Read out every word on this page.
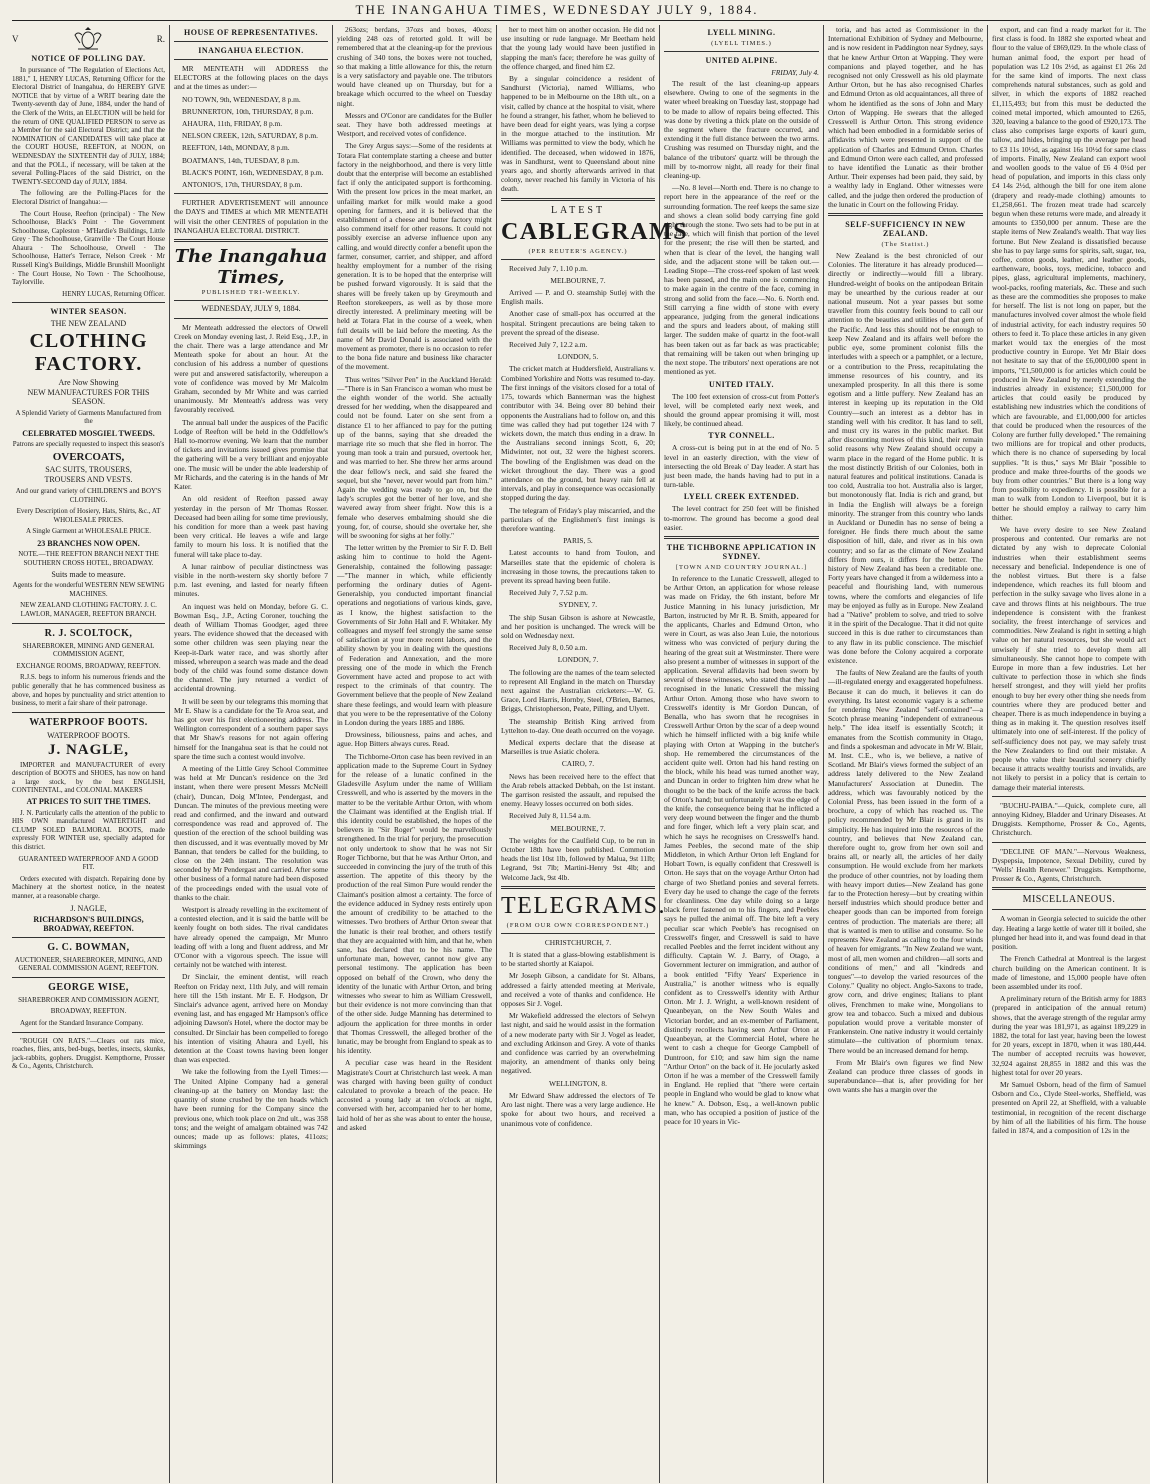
THE INANGAHUA TIMES, WEDNESDAY JULY 9, 1884.
V	R.
NOTICE OF POLLING DAY.

In pursuance of "The Regulation of Elections Act, 1881," I, HENRY LUCAS, Returning Officer for the Electoral District of Inangahua, do HEREBY GIVE NOTICE that by virtue of a WRIT bearing date the Twenty-seventh day of June, 1884, under the hand of the Clerk of the Writs, an ELECTION will be held for the return of ONE QUALIFIED PERSON to serve as a Member for the said Electoral District; and that the NOMINATION of CANDIDATES will take place at the COURT HOUSE, REEFTON, at NOON, on WEDNESDAY the SIXTEENTH day of JULY, 1884; and that the POLL, if necessary, will be taken at the several Polling-Places of the said District, on the TWENTY-SECOND day of JULY, 1884.

The following are the Polling-Places for the Electoral District of Inangahua:—

The Court House, Reefton (principal) · The New Schoolhouse, Black's Point · The Government Schoolhouse, Capleston · M'Hardie's Buildings, Little Grey · The Schoolhouse, Granville · The Court House Ahaura · The Schoolhouse, Orwell · The Schoolhouse, Hatter's Terrace, Nelson Creek · Mr Russell King's Buildings, Middle Brunshill Moonlight · The Court House, No Town · The Schoolhouse, Taylorville.

HENRY LUCAS, Returning Officer.

WINTER SEASON.
THE NEW ZEALAND
CLOTHING FACTORY.
Are Now Showing
NEW MANUFACTURES FOR THIS SEASON.

A Splendid Variety of Garments Manufactured from the

CELEBRATED MOSGIEL TWEEDS.

Patrons are specially requested to inspect this season's

OVERCOATS,
SAC SUITS, TROUSERS,
TROUSERS AND VESTS.

And our grand variety of CHILDREN'S and BOY'S CLOTHING.

Every Description of Hosiery, Hats, Shirts, &c., AT WHOLESALE PRICES.

A Single Garment at WHOLESALE PRICE.

23 BRANCHES NOW OPEN.

NOTE.—THE REEFTON BRANCH NEXT THE SOUTHERN CROSS HOTEL, BROADWAY.

Suits made to measure.

Agents for the wonderful WESTERN NEW SEWING MACHINES.

NEW ZEALAND CLOTHING FACTORY. J. C. LAWLOR, MANAGER, REEFTON BRANCH.

R. J. SCOLTOCK,

SHAREBROKER, MINING AND GENERAL COMMISSION AGENT,

EXCHANGE ROOMS, BROADWAY, REEFTON.

R.J.S. begs to inform his numerous friends and the public generally that he has commenced business as above, and hopes by punctuality and strict attention to business, to merit a fair share of their patronage.

WATERPROOF BOOTS.
WATERPROOF BOOTS.
J. NAGLE,

IMPORTER and MANUFACTURER of every description of BOOTS and SHOES, has now on hand a large stock, by the best ENGLISH, CONTINENTAL, and COLONIAL MAKERS

AT PRICES TO SUIT THE TIMES.

J. N. Particularly calls the attention of the public to HIS OWN manufactured WATERTIGHT and CLUMP SOLED BALMORAL BOOTS, made expressly FOR WINTER use, specially adapted for this district.

GUARANTEED WATERPROOF AND A GOOD FIT.

Orders executed with dispatch. Repairing done by Machinery at the shortest notice, in the neatest manner, at a reasonable charge.

J. NAGLE,
RICHARDSON'S BUILDINGS, BROADWAY, REEFTON.
G. C. BOWMAN,

AUCTIONEER, SHAREBROKER, MINING, AND GENERAL COMMISSION AGENT, REEFTON.

GEORGE WISE,

SHAREBROKER AND COMMISSION AGENT,

BROADWAY, REEFTON.

Agent for the Standard Insurance Company.

"ROUGH ON RATS."—Clears out rats mice, roaches, flies, ants, bed-bugs, beetles, insects, skunks, jack-rabbits, gophers. Druggist. Kempthorne, Prosser & Co., Agents, Christchurch.

HOUSE OF REPRESENTATIVES.
INANGAHUA ELECTION.

MR MENTEATH will ADDRESS the ELECTORS at the following places on the days and at the times as under:—

NO TOWN, 9th, WEDNESDAY, 8 p.m.

BRUNNERTON, 10th, THURSDAY, 8 p.m.

AHAURA, 11th, FRIDAY, 8 p.m.

NELSON CREEK, 12th, SATURDAY, 8 p.m.

REEFTON, 14th, MONDAY, 8 p.m.

BOATMAN'S, 14th, TUESDAY, 8 p.m.

BLACK'S POINT, 16th, WEDNESDAY, 8 p.m.

ANTONIO'S, 17th, THURSDAY, 8 p.m.

FURTHER ADVERTISEMENT will announce the DAYS and TIMES at which MR MENTEATH will visit the other CENTRES of population in the INANGAHUA ELECTORAL DISTRICT.

The Inangahua Times,
PUBLISHED TRI-WEEKLY.
WEDNESDAY, JULY 9, 1884.

Mr Menteath addressed the electors of Orwell Creek on Monday evening last, J. Reid Esq., J.P., in the chair. There was a large attendance and Mr Menteath spoke for about an hour. At the conclusion of his address a number of questions were put and answered satisfactorily, whereupon a vote of confidence was moved by Mr Malcolm Graham, seconded by Mr White and was carried unanimously. Mr Menteath's address was very favourably received.

The annual ball under the auspices of the Pacific Lodge of Reefton will be held in the Oddfellow's Hall to-morrow evening. We learn that the number of tickets and invitations issued gives promise that the gathering will be a very brilliant and enjoyable one. The music will be under the able leadership of Mr Richards, and the catering is in the hands of Mr Kater.

An old resident of Reefton passed away yesterday in the person of Mr Thomas Rosser. Deceased had been ailing for some time previously, his condition for more than a week past having been very critical. He leaves a wife and large family to mourn his loss. It is notified that the funeral will take place to-day.

A lunar rainbow of peculiar distinctness was visible in the north-western sky shortly before 7 p.m. last evening, and lasted for nearly fifteen minutes.

An inquest was held on Monday, before G. C. Bowman Esq., J.P., Acting Coroner, touching the death of William Thomas Goodger, aged three years. The evidence showed that the deceased with some other children was seen playing near the Keep-it-Dark water race, and was shortly after missed, whereupon a search was made and the dead body of the child was found some distance down the channel. The jury returned a verdict of accidental drowning.

It will be seen by our telegrams this morning that Mr E. Shaw is a candidate for the Te Aroa seat, and has got over his first electioneering address. The Wellington correspondent of a southern paper says that Mr Shaw's reasons for not again offering himself for the Inangahua seat is that he could not spare the time such a contest would involve.

A meeting of the Little Grey School Committee was held at Mr Duncan's residence on the 3rd instant, when there were present Messrs McNeill (chair), Duncan, Doig M'Intee, Pendergast, and Duncan. The minutes of the previous meeting were read and confirmed, and the inward and outward correspondence was read and approved of. The question of the erection of the school building was then discussed, and it was eventually moved by Mr Bannan, that tenders be called for the building, to close on the 24th instant. The resolution was seconded by Mr Pendergast and carried. After some other business of a formal nature had been disposed of the proceedings ended with the usual vote of thanks to the chair.

Westport is already revelling in the excitement of a contested election, and it is said the battle will be keenly fought on both sides. The rival candidates have already opened the campaign, Mr Munro leading off with a long and fluent address, and Mr O'Conor with a vigorous speech. The issue will certainly not be watched with interest.

Dr Sinclair, the eminent dentist, will reach Reefton on Friday next, 11th July, and will remain here till the 15th instant. Mr E. F. Hodgson, Dr Sinclair's advance agent, arrived here on Monday evening last, and has engaged Mr Hampson's office adjoining Dawson's Hotel, where the doctor may be consulted. Dr Sinclair has been compelled to forego his intention of visiting Ahaura and Lyell, his detention at the Coast towns having been longer than was expected.

We take the following from the Lyell Times:—The United Alpine Company had a general cleaning-up at the battery on Monday last: the quantity of stone crushed by the ten heads which have been running for the Company since the previous one, which took place on 2nd ult., was 358 tons; and the weight of amalgam obtained was 742 ounces; made up as follows: plates, 411ozs; skimmings

263ozs; berdans, 37ozs and boxes, 40ozs; yielding 248 ozs of retorted gold. It will be remembered that at the cleaning-up for the previous crushing of 340 tons, the boxes were not touched, so that making a little allowance for this, the return is a very satisfactory and payable one. The tributors would have cleaned up on Thursday, but for a breakage which occurred to the wheel on Tuesday night.

Messrs and O'Conor are candidates for the Buller seat. They have both addressed meetings at Westport, and received votes of confidence.

The Grey Argus says:—Some of the residents at Totara Flat contemplate starting a cheese and butter factory in the neighborhood, and there is very little doubt that the enterprise will become an established fact if only the anticipated support is forthcoming. With the present low prices in the meat market, an unfailing market for milk would make a good opening for farmers, and it is believed that the establishment of a cheese and butter factory might also commend itself for other reasons. It could not possibly exercise an adverse influence upon any calling, and would directly confer a benefit upon the farmer, consumer, carrier, and shipper, and afford healthy employment for a number of the rising generation. It is to be hoped that the enterprise will be pushed forward vigorously. It is said that the shares will be freely taken up by Greymouth and Reefton storekeepers, as well as by those more directly interested. A preliminary meeting will be held at Totara Flat in the course of a week, when full details will be laid before the meeting. As the name of Mr David Donald is associated with the movement as promoter, there is no occasion to refer to the bona fide nature and business like character of the movement.

Thus writes "Silver Pen" in the Auckland Herald:—"There is in San Francisco a woman who must be the eighth wonder of the world. She actually dressed for her wedding, when the disappeared and could not be found. Later on she sent from a distance £1 to her affianced to pay for the putting up of the banns, saying that she dreaded the marriage rite so much that she fled in horror. The young man took a train and pursued, overtook her, and was married to her. She threw her arms around the dear fellow's neck, and said she feared the sequel, but she "never, never would part from him." Again the wedding was ready to go on, but the lady's scruples got the better of her love, and she wavered away from sheer fright. Now this is a female who deserves embalming should she die young, for, of course, should she overtake her, she will be swooning for sighs at her folly."

The letter written by the Premier to Sir F. D. Bell asking him to continue to hold the Agent-Generalship, contained the following passage:—"The manner in which, while efficiently performing the ordinary duties of Agent-Generalship, you conducted important financial operations and negotiations of various kinds, gave, as I know, the highest satisfaction to the Governments of Sir John Hall and F. Whitaker. My colleagues and myself feel strongly the same sense of satisfaction at your more recent labors, and the ability shown by you in dealing with the questions of Federation and Annexation, and the more pressing one of the mode in which the French Government have acted and propose to act with respect to the criminals of that country. The Government believe that the people of New Zealand share these feelings, and would learn with pleasure that you were to be the representative of the Colony in London during the years 1885 and 1886.

Drowsiness, biliousness, pains and aches, and ague. Hop Bitters always cures. Read.

The Tichborne-Orton case has been revived in an application made to the Supreme Court in Sydney for the release of a lunatic confined in the Gladesville Asylum under the name of William Cresswell, and who is asserted by the movers in the matter to be the veritable Arthur Orton, with whom the Claimant was identified at the English trial. If this identity could be established, the hopes of the believers in "Sir Roger" would be marvellously strengthened. In the trial for perjury, the prosecution not only undertook to show that he was not Sir Roger Tichborne, but that he was Arthur Orton, and succeeded in convincing the jury of the truth of this assertion. The appetite of this theory by the production of the real Simon Pure would render the Claimant's position almost a certainty. The force of the evidence adduced in Sydney rests entirely upon the amount of credibility to be attached to the witnesses. Two brothers of Arthur Orton swear that the lunatic is their real brother, and others testify that they are acquainted with him, and that he, when sane, has declared that to be his name. The unfortunate man, however, cannot now give any personal testimony. The application has been opposed on behalf of the Crown, who deny the identity of the lunatic with Arthur Orton, and bring witnesses who swear to him as William Cresswell, but their evidence is not more convincing than that of the other side. Judge Manning has determined to adjourn the application for three months in order that Thomas Cresswell, the alleged brother of the lunatic, may be brought from England to speak as to his identity.

A peculiar case was heard in the Resident Magistrate's Court at Christchurch last week. A man was charged with having been guilty of conduct calculated to provoke a breach of the peace. He accosted a young lady at ten o'clock at night, conversed with her, accompanied her to her home, laid hold of her as she was about to enter the house, and asked

her to meet him on another occasion. He did not use insulting or rude language. Mr Beetham held that the young lady would have been justified in slapping the man's face; therefore he was guilty of the offence charged, and fined him £2.

By a singular coincidence a resident of Sandhurst (Victoria), named Williams, who happened to be in Melbourne on the 18th ult., on a visit, called by chance at the hospital to visit, where he found a stranger, his father, whom he believed to have been dead for eight years, was lying a corpse in the morgue attached to the institution. Mr Williams was permitted to view the body, which he identified. The deceased, when widowed in 1876, was in Sandhurst, went to Queensland about nine years ago, and shortly afterwards arrived in that colony, never reached his family in Victoria of his death.

LATEST
CABLEGRAMS
(PER REUTER'S AGENCY.)

Received July 7, 1.10 p.m.

MELBOURNE, 7.

Arrived — P. and O. steamship Sutlej with the English mails.

Another case of small-pox has occurred at the hospital. Stringent precautions are being taken to prevent the spread of the disease.

Received July 7, 12.2 a.m.

LONDON, 5.

The cricket match at Huddersfield, Australians v. Combined Yorkshire and Notts was resumed to-day. The first innings of the visitors closed for a total of 175, towards which Bannerman was the highest contributor with 34. Being over 80 behind their opponents the Australians had to follow on, and this time was called they had put together 124 with 7 wickets down, the match thus ending in a draw. In the Australians second innings Scott, 6, 20; Midwinter, not out, 32 were the highest scorers. The bowling of the Englishmen was dead on the wicket throughout the day. There was a good attendance on the ground, but heavy rain fell at intervals, and play in consequence was occasionally stopped during the day.

The telegram of Friday's play miscarried, and the particulars of the Englishmen's first innings is therefore wanting.

PARIS, 5.

Latest accounts to hand from Toulon, and Marseilles state that the epidemic of cholera is increasing in those towns, the precautions taken to prevent its spread having been futile.

Received July 7, 7.52 p.m.

SYDNEY, 7.

The ship Susan Gibson is ashore at Newcastle, and her position is unchanged. The wreck will be sold on Wednesday next.

Received July 8, 0.50 a.m.

LONDON, 7.

The following are the names of the team selected to represent All England in the match on Thursday next against the Australian cricketers:—W. G. Grace, Lord Harris, Hornby, Steel, O'Brien, Barnes, Briggs, Christopherson, Peate, Pilling, and Ulyett.

The steamship British King arrived from Lyttelton to-day. One death occurred on the voyage.

Medical experts declare that the disease at Marseilles is true Asiatic cholera.

CAIRO, 7.

News has been received here to the effect that the Arab rebels attacked Debbah, on the 1st instant. The garrison resisted the assault, and repulsed the enemy. Heavy losses occurred on both sides.

Received July 8, 11.54 a.m.

MELBOURNE, 7.

The weights for the Caulfield Cup, to be run in October 18th have been published. Commotion heads the list 10st 1lb, followed by Malua, 9st 11lb; Legrand, 9st 7lb; Martini-Henry 9st 4lb; and Welcome Jack, 9st 4lb.

TELEGRAMS.
(FROM OUR OWN CORRESPONDENT.)

CHRISTCHURCH, 7.

It is stated that a glass-blowing establishment is to be started shortly at Kaiapoi.

Mr Joseph Gibson, a candidate for St. Albans, addressed a fairly attended meeting at Merivale, and received a vote of thanks and confidence. He opposes Sir J. Vogel.

Mr Wakefield addressed the electors of Selwyn last night, and said he would assist in the formation of a new moderate party with Sir J. Vogel as leader, and excluding Atkinson and Grey. A vote of thanks and confidence was carried by an overwhelming majority, an amendment of thanks only being negatived.

WELLINGTON, 8.

Mr Edward Shaw addressed the electors of Te Aro last night. There was a very large audience. He spoke for about two hours, and received a unanimous vote of confidence.

LYELL MINING.
(LYELL TIMES.)
UNITED ALPINE.
FRIDAY, July 4.

The result of the last cleaning-up appears elsewhere. Owing to one of the segments in the water wheel breaking on Tuesday last, stoppage had to be made to allow of repairs being effected. This was done by riveting a thick plate on the outside of the segment where the fracture occurred, and extending it the full distance between the two arms. Crushing was resumed on Thursday night, and the balance of the tributors' quartz will be through the mill by to-morrow night, all ready for their final cleaning-up.

—No. 8 level—North end. There is no change to report here in the appearance of the reef or the surrounding formation. The reef keeps the same size and shows a clean solid body carrying fine gold right through the stone. Two sets had to be put in at the face, which will finish that portion of the level for the present; the rise will then be started, and when that is clear of the level, the hanging wall side, and the adjacent stone will be taken out.—Leading Stope—The cross-reef spoken of last week has been passed, and the main one is commencing to make again in the centre of the face, coming in strong and solid from the face.—No. 6. North end. Still carrying a fine width of stone with every appearance, judging from the general indications and the spurs and leaders about, of making still larger. The sudden make of quartz in the foot-wall has been taken out as far back as was practicable; that remaining will be taken out when bringing up the next stope. The tributors' next operations are not mentioned as yet.

UNITED ITALY.

The 100 feet extension of cross-cut from Potter's level, will be completed early next week, and should the ground appear promising it will, most likely, be continued ahead.

TYR CONNELL.

A cross-cut is being put in at the end of No. 5 level in an easterly direction, with the view of intersecting the old Break o' Day leader. A start has just been made, the hands having had to put in a turn-table.

LYELL CREEK EXTENDED.

The level contract for 250 feet will be finished to-morrow. The ground has become a good deal easier.

THE TICHBORNE APPLICATION IN SYDNEY.
[TOWN AND COUNTRY JOURNAL.]

In reference to the Lunatic Cresswell, alleged to be Arthur Orton, an application for whose release was made on Friday, the 6th instant, before Mr Justice Manning in his lunacy jurisdiction, Mr Barton, instructed by Mr R. B. Smith, appeared for the applicants, Charles and Edmund Orton, who were in Court, as was also Jean Luie, the notorious witness who was convicted of perjury during the hearing of the great suit at Westminster. There were also present a number of witnesses in support of the application. Several affidavits had been sworn by several of these witnesses, who stated that they had recognised in the lunatic Cresswell the missing Arthur Orton. Among those who have sworn to Cresswell's identity is Mr Gordon Duncan, of Benalla, who has sworn that he recognises in Cresswell Arthur Orton by the scar of a deep wound which he himself inflicted with a big knife while playing with Orton at Wapping in the butcher's shop. He remembered the circumstances of the accident quite well. Orton had his hand resting on the block, while his head was turned another way, and Duncan in order to frighten him drew what he thought to be the back of the knife across the back of Orton's hand; but unfortunately it was the edge of the knife, the consequence being that he inflicted a very deep wound between the finger and the thumb and fore finger, which left a very plain scar, and which he says he recognises on Cresswell's hand. James Peebles, the second mate of the ship Middleton, in which Arthur Orton left England for Hobart Town, is equally confident that Cresswell is Orton. He says that on the voyage Arthur Orton had charge of two Shetland ponies and several ferrets. Every day he used to change the cage of the ferrets for cleanliness. One day while doing so a large black ferret fastened on to his fingers, and Peebles says he pulled the animal off. The bite left a very peculiar scar which Peeble's has recognised on Cresswell's finger, and Cresswell is said to have recalled Peebles and the ferret incident without any difficulty. Captain W. J. Barry, of Otago, a Government lecturer on immigration, and author of a book entitled "Fifty Years' Experience in Australia," is another witness who is equally confident as to Cresswell's identity with Arthur Orton. Mr J. J. Wright, a well-known resident of Queanbeyan, on the New South Wales and Victorian border, and an ex-member of Parliament, distinctly recollects having seen Arthur Orton at Queanbeyan, at the Commercial Hotel, where he went to cash a cheque for George Campbell of Duntroon, for £10; and saw him sign the name "Arthur Orton" on the back of it. He jocularly asked Orton if he was a member of the Cresswell family in England. He replied that "there were certain people in England who would be glad to know what he knew." A. Dobson, Esq., a well-known public man, who has occupied a position of justice of the peace for 10 years in Vic-

toria, and has acted as Commissioner in the International Exhibition of Sydney and Melbourne, and is now resident in Paddington near Sydney, says that he knew Arthur Orton at Wapping. They were companions and played together, and he has recognised not only Cresswell as his old playmate Arthur Orton, but he has also recognised Charles and Edmund Orton as old acquaintances, all three of whom he identified as the sons of John and Mary Orton of Wapping. He swears that the alleged Cresswell is Arthur Orton. This strong evidence which had been embodied in a formidable series of affidavits which were presented in support of the application of Charles and Edmund Orton. Charles and Edmund Orton were each called, and professed to have identified the Lunatic as their brother Arthur. Their expenses had been paid, they said, by a wealthy lady in England. Other witnesses were called, and the judge then ordered the production of the lunatic in Court on the following Friday.

SELF-SUFFICIENCY IN NEW ZEALAND.
(The Statist.)

New Zealand is the best chronicled of our Colonies. The literature it has already produced—directly or indirectly—would fill a library. Hundred-weight of books on the antipodean Britain may be unearthed by the curious reader at our national museum. Not a year passes but some traveller from this country feels bound to call our attention to the beauties and utilities of that gem of the Pacific. And less this should not be enough to keep New Zealand and its affairs well before the public eye, some prominent colonist fills the interludes with a speech or a pamphlet, or a lecture, or a contribution to the Press, recapitulating the immense resources of his country, and its unexampled prosperity. In all this there is some egotism and a little puffery. New Zealand has an interest in keeping up its reputation in the Old Country—such an interest as a debtor has in standing well with his creditor. It has land to sell, and must cry its wares in the public market. But after discounting motives of this kind, their remain solid reasons why New Zealand should occupy a warm place in the regard of the Home public. It is the most distinctly British of our Colonies, both in natural features and political institutions. Canada is too cold, Australia too hot. Australia also is larger, but monotonously flat. India is rich and grand, but in India the English will always be a foreign minority. The stranger from this country who lands in Auckland or Dunedin has no sense of being a foreigner. He finds there much about the same disposition of hill, dale, and river as in his own country; and so far as the climate of New Zealand differs from ours, it differs for the better. The history of New Zealand has been a creditable one. Forty years have changed it from a wilderness into a peaceful and flourishing land, with numerous towns, where the comforts and elegancies of life may be enjoyed as fully as in Europe. New Zealand had a "Native" problem to solve, and tried to solve it in the spirit of the Decalogue. That it did not quite succeed in this is due rather to circumstances than to any flaw in its public conscience. The mischief was done before the Colony acquired a corporate existence.

The faults of New Zealand are the faults of youth—ill-regulated energy and exaggerated hopefulness. Because it can do much, it believes it can do everything. Its latest economic vagary is a scheme for rendering New Zealand "self-contained"—a Scotch phrase meaning "independent of extraneous help." The idea itself is essentially Scotch; it emanates from the Scottish community in Otago, and finds a spokesman and advocate in Mr W. Blair, M. Inst. C.E., who is, we believe, a native of Scotland. Mr Blair's views formed the subject of an address lately delivered to the New Zealand Manufacturers' Association at Dunedin. The address, which was favourably noticed by the Colonial Press, has been issued in the form of a brochure, a copy of which has reached us. The policy recommended by Mr Blair is grand in its simplicity. He has inquired into the resources of the country, and believes that New Zealand can, therefore ought to, grow from her own soil and brains all, or nearly all, the articles of her daily consumption. He would exclude from her markets the produce of other countries, not by loading them with heavy import duties—New Zealand has gone far to the Protection heresy—but by creating within herself industries which should produce better and cheaper goods than can be imported from foreign centres of production. The materials are there; all that is wanted is men to utilise and consume. So he represents New Zealand as calling to the four winds of heaven for emigrants. "In New Zealand we want, most of all, men women and children—all sorts and conditions of men," and all "kindreds and tongues"—to develop the varied resources of the Colony." Quality no object. Anglo-Saxons to trade, grow corn, and drive engines; Italians to plant olives, Frenchmen to make wine, Mongolians to grow tea and tobacco. Such a mixed and dubious population would prove a veritable monster of Frankenstein. One native industry it would certainly stimulate—the cultivation of phormium tenax. There would be an increased demand for hemp.

From Mr Blair's own figures we find New Zealand can produce three classes of goods in superabundance—that is, after providing for her own wants she has a margin over the

export, and can find a ready market for it. The first class is food. In 1882 she exported wheat and flour to the value of £869,029. In the whole class of human animal food, the export per head of population was L2 10s 2½d, as against £1 26s 2d for the same kind of imports. The next class comprehends natural substances, such as gold and silver, in which the exports of 1882 reached £1,115,493; but from this must be deducted the coined metal imported, which amounted to £265, 320, leaving a balance to the good of £920,173. The class also comprises large exports of kauri gum, tallow, and hides, bringing up the average per head to £3 11s 10½d, as against 16s 10½d for same class of imports. Finally, New Zealand can export wool and woollen goods to the value of £6 4 0½d per head of population, and imports in this class only £4 14s 2½d, although the bill for one item alone (drapery and ready-made clothing) amounts to £1,258,661. The frozen meat trade had scarcely begun when these returns were made, and already it amounts to £350,000 per annum. These are the staple items of New Zealand's wealth. That way lies fortune. But New Zealand is dissatisfied because she has to pay large sums for spirits, salt, sugar, tea, coffee, cotton goods, leather, and leather goods, earthenware, books, toys, medicine, tobacco and pipes, glass, agricultural implements, machinery, wool-packs, roofing materials, &c. These and such as these are the commodities she proposes to make for herself. The list is not long on paper, but the manufactures involved cover almost the whole field of industrial activity, for each industry requires 50 others to feed it. To place these articles in any given market would tax the energies of the most productive country in Europe. Yet Mr Blair does not hesitate to say that of the £6,000,000 spent in imports, "£1,500,000 is for articles which could be produced in New Zealand by merely extending the industries already in existence; £1,500,000 for articles that could easily be produced by establishing new industries which the conditions of which are favourable, and £1,000,000 for articles that could be produced when the resources of the Colony are further fully developed." The remaining two millions are for tropical and other products, which there is no chance of superseding by local supplies. "It is thus," says Mr Blair "possible to produce and make three-fourths of the goods we buy from other countries." But there is a long way from possibility to expediency. It is possible for a man to walk from London to Liverpool, but it is better he should employ a railway to carry him thither.

We have every desire to see New Zealand prosperous and contented. Our remarks are not dictated by any wish to deprecate Colonial industries when their establishment seems necessary and beneficial. Independence is one of the noblest virtues. But there is a false independence, which reaches its full bloom and perfection in the sulky savage who lives alone in a cave and throws flints at his neighbours. The true independence is consistent with the frankest sociality, the freest interchange of services and commodities. New Zealand is right in setting a high value on her natural resources, but she would act unwisely if she tried to develop them all simultaneously. She cannot hope to compete with Europe in more than a few industries. Let her cultivate to perfection those in which she finds herself strongest, and they will yield her profits enough to buy her every other thing she needs from countries where they are produced better and cheaper. There is as much independence in buying a thing as in making it. The question resolves itself ultimately into one of self-interest. If the policy of self-sufficiency does not pay, we may safely trust the New Zealanders to find out their mistake. A people who value their beautiful scenery chiefly because it attracts wealthy tourists and invalids, are not likely to persist in a policy that is certain to damage their material interests.

"BUCHU-PAIBA."—Quick, complete cure, all annoying Kidney, Bladder and Urinary Diseases. At Druggists. Kempthorne, Prosser & Co., Agents, Christchurch.

"DECLINE OF MAN."—Nervous Weakness, Dyspepsia, Impotence, Sexual Debility, cured by "Wells' Health Renewer." Druggists. Kempthorne, Prosser & Co., Agents, Christchurch.

MISCELLANEOUS.

A woman in Georgia selected to suicide the other day. Heating a large kettle of water till it boiled, she plunged her head into it, and was found dead in that position.

The French Cathedral at Montreal is the largest church building on the American continent. It is made of limestone, and 15,000 people have often been assembled under its roof.

A preliminary return of the British army for 1883 (prepared in anticipation of the annual return) shows, that the average strength of the regular army during the year was 181,971, as against 189,229 in 1882, the total for last year, having been the lowest for 20 years, except in 1870, when it was 180,444. The number of accepted recruits was however, 32,924 against 28,855 in 1882 and this was the highest total for over 20 years.

Mr Samuel Osborn, head of the firm of Samuel Osborn and Co., Clyde Steel-works, Sheffield, was presented on April 22, at Sheffield, with a valuable testimonial, in recognition of the recent discharge by him of all the liabilities of his firm. The house failed in 1874, and a composition of 12s in the
